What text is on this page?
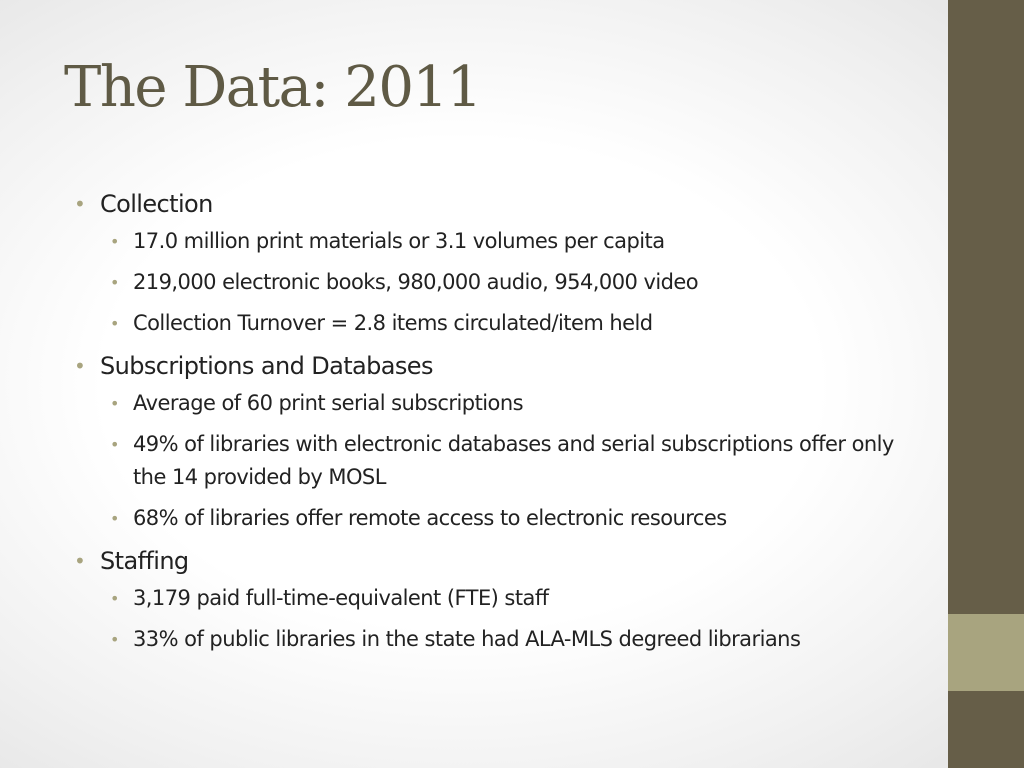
The Data: 2011
• Collection
• 17.0 million print materials or 3.1 volumes per capita
• 219,000 electronic books, 980,000 audio, 954,000 video
• Collection Turnover = 2.8 items circulated/item held
• Subscriptions and Databases
• Average of 60 print serial subscriptions
• 49% of libraries with electronic databases and serial subscriptions offer only the 14 provided by MOSL
• 68% of libraries offer remote access to electronic resources
• Staffing
• 3,179 paid full-time-equivalent (FTE) staff
• 33% of public libraries in the state had ALA-MLS degreed librarians
